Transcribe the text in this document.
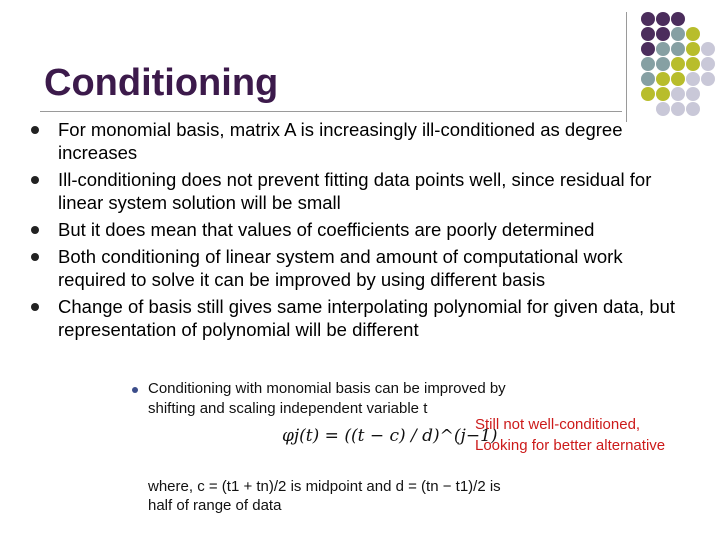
Conditioning
For monomial basis, matrix A is increasingly ill-conditioned as degree increases
Ill-conditioning does not prevent fitting data points well, since residual for linear system solution will be small
But it does mean that values of coefficients are poorly determined
Both conditioning of linear system and amount of computational work required to solve it can be improved by using different basis
Change of basis still gives same interpolating polynomial for given data, but representation of polynomial will be different
Conditioning with monomial basis can be improved by
shifting and scaling independent variable t
φj(t) = ((t − c) / d)^(j−1)
where, c = (t1 + tn)/2 is midpoint and d = (tn − t1)/2 is
half of range of data
Still not well-conditioned,
Looking for better alternative
